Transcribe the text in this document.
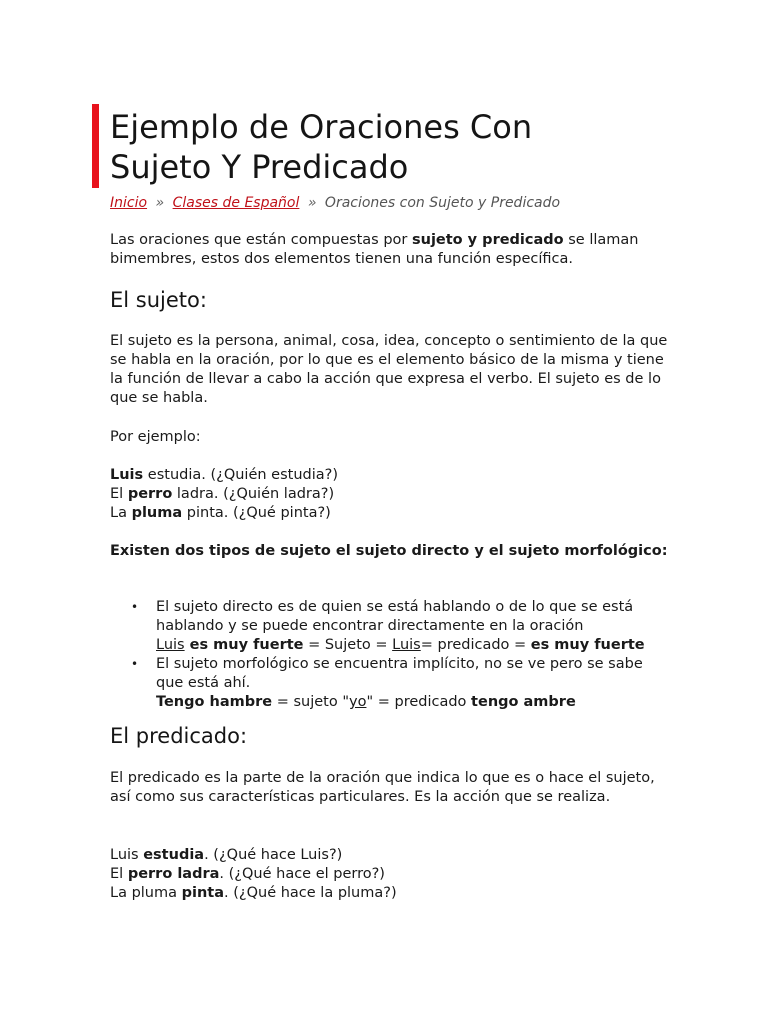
Ejemplo de Oraciones Con
Sujeto Y Predicado
Inicio » Clases de Español » Oraciones con Sujeto y Predicado

Las oraciones que están compuestas por sujeto y predicado se llaman bimembres, estos dos elementos tienen una función específica.

El sujeto:

El sujeto es la persona, animal, cosa, idea, concepto o sentimiento de la que se habla en la oración, por lo que es el elemento básico de la misma y tiene la función de llevar a cabo la acción que expresa el verbo. El sujeto es de lo que se habla.

Por ejemplo:

Luis estudia. (¿Quién estudia?)

El perro ladra. (¿Quién ladra?)

La pluma pinta. (¿Qué pinta?)

Existen dos tipos de sujeto el sujeto directo y el sujeto morfológico:

• El sujeto directo es de quien se está hablando o de lo que se está hablando y se puede encontrar directamente en la oración
Luis es muy fuerte = Sujeto = Luis= predicado = es muy fuerte
• El sujeto morfológico se encuentra implícito, no se ve pero se sabe que está ahí.
Tengo hambre = sujeto "yo" = predicado tengo ambre
El predicado:

El predicado es la parte de la oración que indica lo que es o hace el sujeto, así como sus características particulares. Es la acción que se realiza.

Luis estudia. (¿Qué hace Luis?)

El perro ladra. (¿Qué hace el perro?)

La pluma pinta. (¿Qué hace la pluma?)
